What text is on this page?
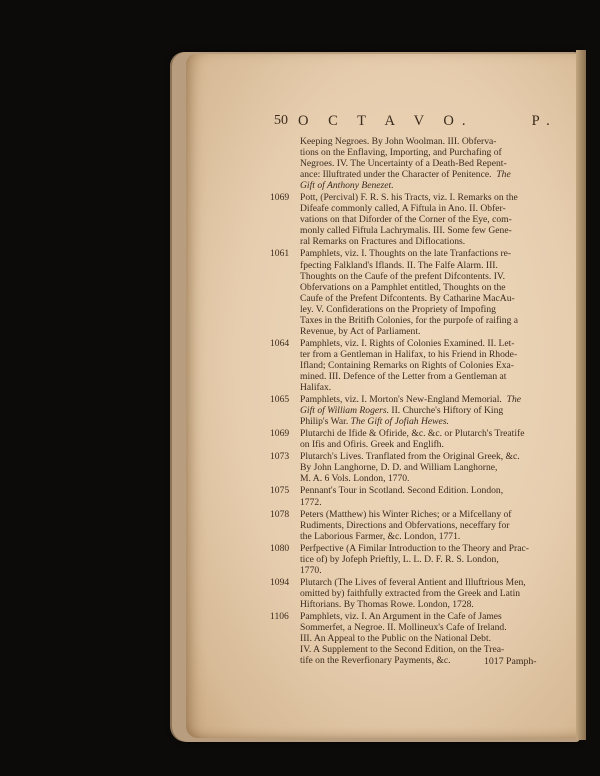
50 O C T A V O.	P.
Keeping Negroes. By John Woolman. III. Obferva-
tions on the Enflaving, Importing, and Purchafing of
Negroes. IV. The Uncertainty of a Death-Bed Repent-
ance: Illuftrated under the Character of Penitence. The
Gift of Anthony Benezet.
1069 Pott, (Percival) F. R. S. his Tracts, viz. I. Remarks on the
Difeafe commonly called, A Fiftula in Ano. II. Obfer-
vations on that Diforder of the Corner of the Eye, com-
monly called Fiftula Lachrymalis. III. Some few Gene-
ral Remarks on Fractures and Diflocations.
1061 Pamphlets, viz. I. Thoughts on the late Tranfactions re-
fpecting Falkland's Iflands. II. The Falfe Alarm. III.
Thoughts on the Caufe of the prefent Difcontents. IV.
Obfervations on a Pamphlet entitled, Thoughts on the
Caufe of the Prefent Difcontents. By Catharine MacAu-
ley. V. Confiderations on the Propriety of Impofing
Taxes in the Britifh Colonies, for the purpofe of raifing a
Revenue, by Act of Parliament.
1064 Pamphlets, viz. I. Rights of Colonies Examined. II. Let-
ter from a Gentleman in Halifax, to his Friend in Rhode-
Ifland; Containing Remarks on Rights of Colonies Exa-
mined. III. Defence of the Letter from a Gentleman at
Halifax.
1065 Pamphlets, viz. I. Morton's New-England Memorial. The
Gift of William Rogers. II. Churche's Hiftory of King
Philip's War. The Gift of Jofiah Hewes.
1069 Plutarchi de Ifide & Ofiride, &c. &c. or Plutarch's Treatife
on Ifis and Ofiris. Greek and Englifh.
1073 Plutarch's Lives. Tranflated from the Original Greek, &c.
By John Langhorne, D. D. and William Langhorne,
M. A. 6 Vols. London, 1770.
1075 Pennant's Tour in Scotland. Second Edition. London,
1772.
1078 Peters (Matthew) his Winter Riches; or a Mifcellany of
Rudiments, Directions and Obfervations, neceffary for
the Laborious Farmer, &c. London, 1771.
1080 Perfpective (A Fimilar Introduction to the Theory and Prac-
tice of) by Jofeph Prieftly, L. L. D. F. R. S. London,
1770.
1094 Plutarch (The Lives of feveral Antient and Illuftrious Men,
omitted by) faithfully extracted from the Greek and Latin
Hiftorians. By Thomas Rowe. London, 1728.
1106 Pamphlets, viz. I. An Argument in the Cafe of James
Sommerfet, a Negroe. II. Mollineux's Cafe of Ireland.
III. An Appeal to the Public on the National Debt.
IV. A Supplement to the Second Edition, on the Trea-
tife on the Reverfionary Payments, &c.	1017 Pamph-
